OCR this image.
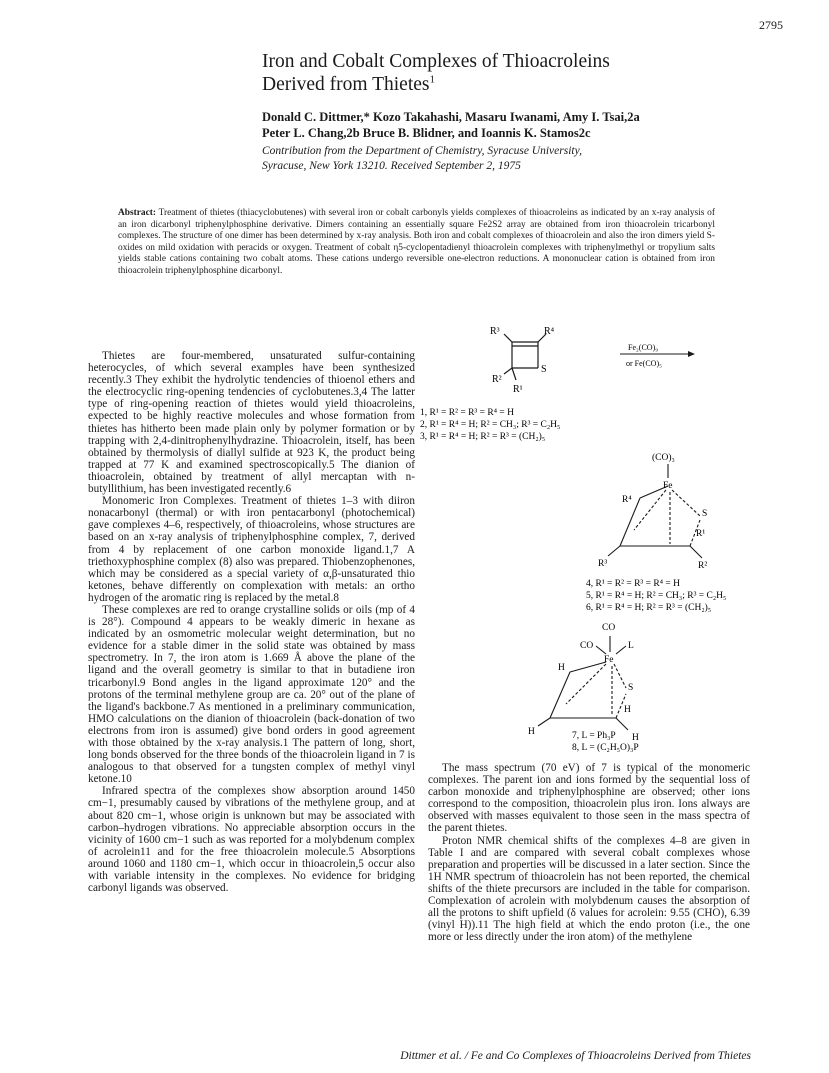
2795
Iron and Cobalt Complexes of Thioacroleins
Derived from Thietes$^1$
Donald C. Dittmer,* Kozo Takahashi, Masaru Iwanami, Amy I. Tsai,2a
Peter L. Chang,2b Bruce B. Blidner, and Ioannis K. Stamos2c
Contribution from the Department of Chemistry, Syracuse University,
Syracuse, New York 13210. Received September 2, 1975
Abstract: Treatment of thietes (thiacyclobutenes) with several iron or cobalt carbonyls yields complexes of thioacroleins as indicated by an x-ray analysis of an iron dicarbonyl triphenylphosphine derivative. Dimers containing an essentially square Fe2S2 array are obtained from iron thioacrolein tricarbonyl complexes. The structure of one dimer has been determined by x-ray analysis. Both iron and cobalt complexes of thioacrolein and also the iron dimers yield S-oxides on mild oxidation with peracids or oxygen. Treatment of cobalt η5-cyclopentadienyl thioacrolein complexes with triphenylmethyl or tropylium salts yields stable cations containing two cobalt atoms. These cations undergo reversible one-electron reductions. A mononuclear cation is obtained from iron thioacrolein triphenylphosphine dicarbonyl.

Thietes are four-membered, unsaturated sulfur-containing heterocycles, of which several examples have been synthesized recently.3 They exhibit the hydrolytic tendencies of thioenol ethers and the electrocyclic ring-opening tendencies of cyclobutenes.3,4 The latter type of ring-opening reaction of thietes would yield thioacroleins, expected to be highly reactive molecules and whose formation from thietes has hitherto been made plain only by polymer formation or by trapping with 2,4-dinitrophenylhydrazine. Thioacrolein, itself, has been obtained by thermolysis of diallyl sulfide at 923 K, the product being trapped at 77 K and examined spectroscopically.5 The dianion of thioacrolein, obtained by treatment of allyl mercaptan with n-butyllithium, has been investigated recently.6

Monomeric Iron Complexes. Treatment of thietes 1–3 with diiron nonacarbonyl (thermal) or with iron pentacarbonyl (photochemical) gave complexes 4–6, respectively, of thioacroleins, whose structures are based on an x-ray analysis of triphenylphosphine complex, 7, derived from 4 by replacement of one carbon monoxide ligand.1,7 A triethoxyphosphine complex (8) also was prepared. Thiobenzophenones, which may be considered as a special variety of α,β-unsaturated thio ketones, behave differently on complexation with metals: an ortho hydrogen of the aromatic ring is replaced by the metal.8

These complexes are red to orange crystalline solids or oils (mp of 4 is 28°). Compound 4 appears to be weakly dimeric in hexane as indicated by an osmometric molecular weight determination, but no evidence for a stable dimer in the solid state was obtained by mass spectrometry. In 7, the iron atom is 1.669 Å above the plane of the ligand and the overall geometry is similar to that in butadiene iron tricarbonyl.9 Bond angles in the ligand approximate 120° and the protons of the terminal methylene group are ca. 20° out of the plane of the ligand's backbone.7 As mentioned in a preliminary communication, HMO calculations on the dianion of thioacrolein (back-donation of two electrons from iron is assumed) give bond orders in good agreement with those obtained by the x-ray analysis.1 The pattern of long, short, long bonds observed for the three bonds of the thioacrolein ligand in 7 is analogous to that observed for a tungsten complex of methyl vinyl ketone.10

Infrared spectra of the complexes show absorption around 1450 cm−1, presumably caused by vibrations of the methylene group, and at about 820 cm−1, whose origin is unknown but may be associated with carbon–hydrogen vibrations. No appreciable absorption occurs in the vicinity of 1600 cm−1 such as was reported for a molybdenum complex of acrolein11 and for the free thioacrolein molecule.5 Absorptions around 1060 and 1180 cm−1, which occur in thioacrolein,5 occur also with variable intensity in the complexes. No evidence for bridging carbonyl ligands was observed.

R³	R⁴
S
R²
R¹
Fe₂(CO)₉
or Fe(CO)₅
1, R¹ = R² = R³ = R⁴ = H
2, R¹ = R⁴ = H; R² = CH₃; R³ = C₂H₅
3, R¹ = R⁴ = H; R² = R³ = (CH₂)₅
(CO)₃
Fe
R⁴
S
R¹
R³	R²
4, R¹ = R² = R³ = R⁴ = H
5, R¹ = R⁴ = H; R² = CH₃; R³ = C₂H₅
6, R¹ = R⁴ = H; R² = R³ = (CH₂)₅
CO
CO	L
Fe
H
S
H
H
H
7, L = Ph₃P
8, L = (C₂H₅O)₃P

The mass spectrum (70 eV) of 7 is typical of the monomeric complexes. The parent ion and ions formed by the sequential loss of carbon monoxide and triphenylphosphine are observed; other ions correspond to the composition, thioacrolein plus iron. Ions always are observed with masses equivalent to those seen in the mass spectra of the parent thietes.

Proton NMR chemical shifts of the complexes 4–8 are given in Table I and are compared with several cobalt complexes whose preparation and properties will be discussed in a later section. Since the 1H NMR spectrum of thioacrolein has not been reported, the chemical shifts of the thiete precursors are included in the table for comparison. Complexation of acrolein with molybdenum causes the absorption of all the protons to shift upfield (δ values for acrolein: 9.55 (CHO), 6.39 (vinyl H)).11 The high field at which the endo proton (i.e., the one more or less directly under the iron atom) of the methylene

Dittmer et al. / Fe and Co Complexes of Thioacroleins Derived from Thietes
